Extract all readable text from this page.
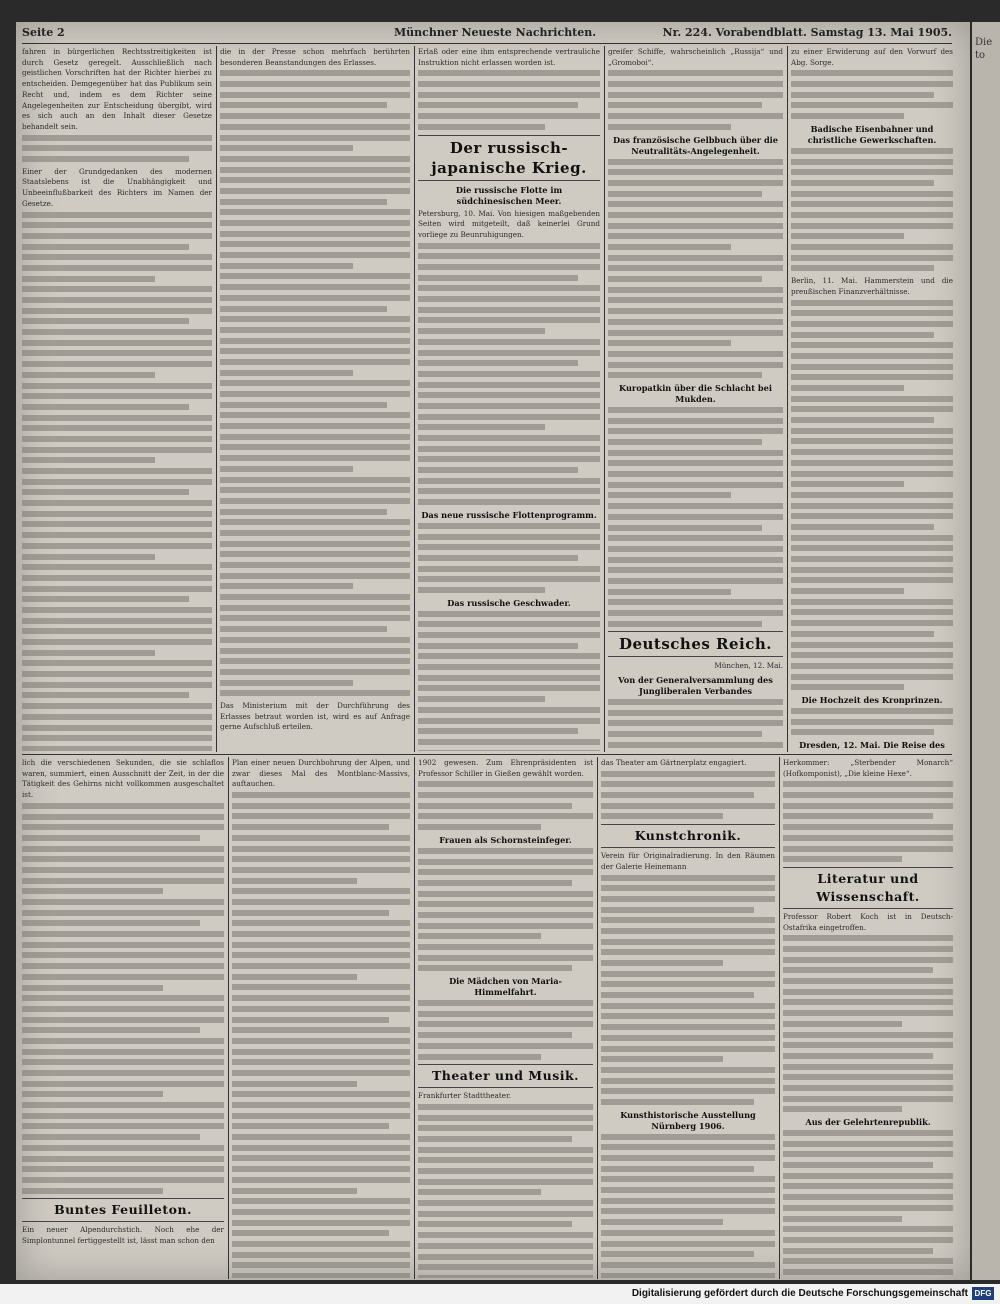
Die
to
Seite 2	Münchner Neueste Nachrichten.	Nr. 224. Vorabendblatt. Samstag 13. Mai 1905.

fahren in bürgerlichen Rechtsstreitigkeiten ist durch Gesetz geregelt. Ausschließlich nach geistlichen Vorschriften hat der Richter hierbei zu entscheiden. Demgegenüber hat das Publikum sein Recht und, indem es dem Richter seine Angelegenheiten zur Entscheidung übergibt, wird es sich auch an den Inhalt dieser Gesetze behandelt sein.

Einer der Grundgedanken des modernen Staatslebens ist die Unabhängigkeit und Unbeeinflußbarkeit des Richters im Namen der Gesetze.

die in der Presse schon mehrfach berührten besonderen Beanstandungen des Erlasses.

Das Ministerium mit der Durchführung des Erlasses betraut worden ist, wird es auf Anfrage gerne Aufschluß erteilen.

Erlaß oder eine ihm entsprechende vertrauliche Instruktion nicht erlassen worden ist.

Der russisch-japanische Krieg.
Die russische Flotte im südchinesischen Meer.

Petersburg, 10. Mai. Von hiesigen maßgebenden Seiten wird mitgeteilt, daß keinerlei Grund vorliege zu Beunruhigungen.

Das neue russische Flottenprogramm.
Das russische Geschwader.

greifer Schiffe, wahrscheinlich „Russija“ und „Gromoboi“.

Das französische Gelbbuch über die Neutralitäts-Angelegenheit.
Kuropatkin über die Schlacht bei Mukden.
Deutsches Reich.

München, 12. Mai.

Von der Generalversammlung des Jungliberalen Verbandes

zu einer Erwiderung auf den Vorwurf des Abg. Sorge.

Badische Eisenbahner und christliche Gewerkschaften.

Berlin, 11. Mai. Hammerstein und die preußischen Finanzverhältnisse.

Die Hochzeit des Kronprinzen.
Dresden, 12. Mai. Die Reise des

lich die verschiedenen Sekunden, die sie schlaflos waren, summiert, einen Ausschnitt der Zeit, in der die Tätigkeit des Gehirns nicht vollkommen ausgeschaltet ist.

Buntes Feuilleton.

Ein neuer Alpendurchstich. Noch ehe der Simplontunnel fertiggestellt ist, lässt man schon den

Plan einer neuen Durchbohrung der Alpen, und zwar dieses Mal des Montblanc-Massivs, auftauchen.

1902 gewesen. Zum Ehrenpräsidenten ist Professor Schiller in Gießen gewählt worden.

Frauen als Schornsteinfeger.
Die Mädchen von Maria-Himmelfahrt.
Theater und Musik.

Frankfurter Stadttheater.

das Theater am Gärtnerplatz engagiert.

Kunstchronik.

Verein für Originalradierung. In den Räumen der Galerie Heinemann

Kunsthistorische Ausstellung Nürnberg 1906.

Herkommer: „Sterbender Monarch“ (Hofkomponist), „Die kleine Hexe“.

Literatur und Wissenschaft.

Professor Robert Koch ist in Deutsch-Ostafrika eingetroffen.

Aus der Gelehrtenrepublik.
Digitalisierung gefördert durch die Deutsche Forschungsgemeinschaft DFG
